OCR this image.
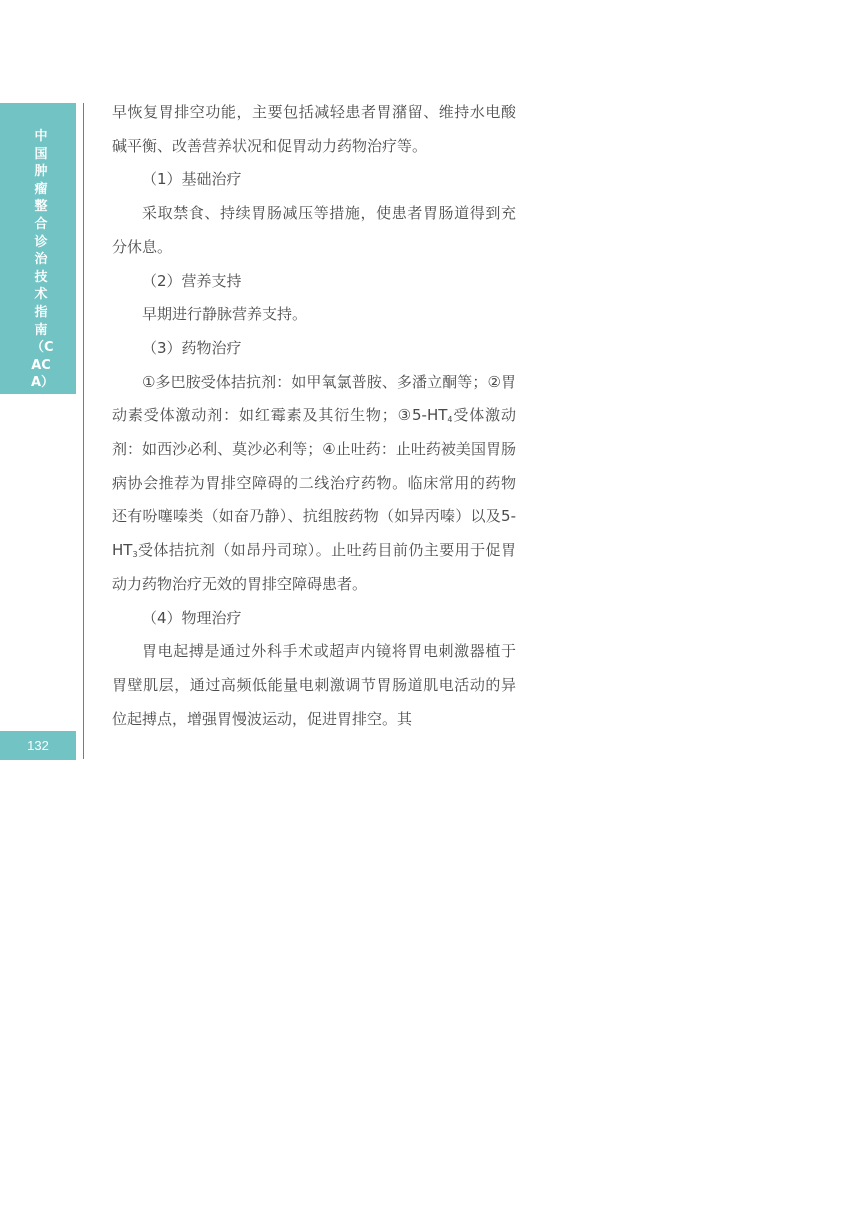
中国肿瘤整合诊治技术指南（CACA）
132

早恢复胃排空功能，主要包括减轻患者胃潴留、维持水电酸碱平衡、改善营养状况和促胃动力药物治疗等。

（1）基础治疗

采取禁食、持续胃肠减压等措施，使患者胃肠道得到充分休息。

（2）营养支持

早期进行静脉营养支持。

（3）药物治疗

①多巴胺受体拮抗剂：如甲氧氯普胺、多潘立酮等；②胃动素受体激动剂：如红霉素及其衍生物；$③5-HT_4$受体激动剂：如西沙必利、莫沙必利等；④止吐药：止吐药被美国胃肠病协会推荐为胃排空障碍的二线治疗药物。临床常用的药物还有吩噻嗪类（如奋乃静）、抗组胺药物（如异丙嗪）以及$5-HT_3$受体拮抗剂（如昂丹司琼）。止吐药目前仍主要用于促胃动力药物治疗无效的胃排空障碍患者。

（4）物理治疗

胃电起搏是通过外科手术或超声内镜将胃电刺激器植于胃壁肌层，通过高频低能量电刺激调节胃肠道肌电活动的异位起搏点，增强胃慢波运动，促进胃排空。其
